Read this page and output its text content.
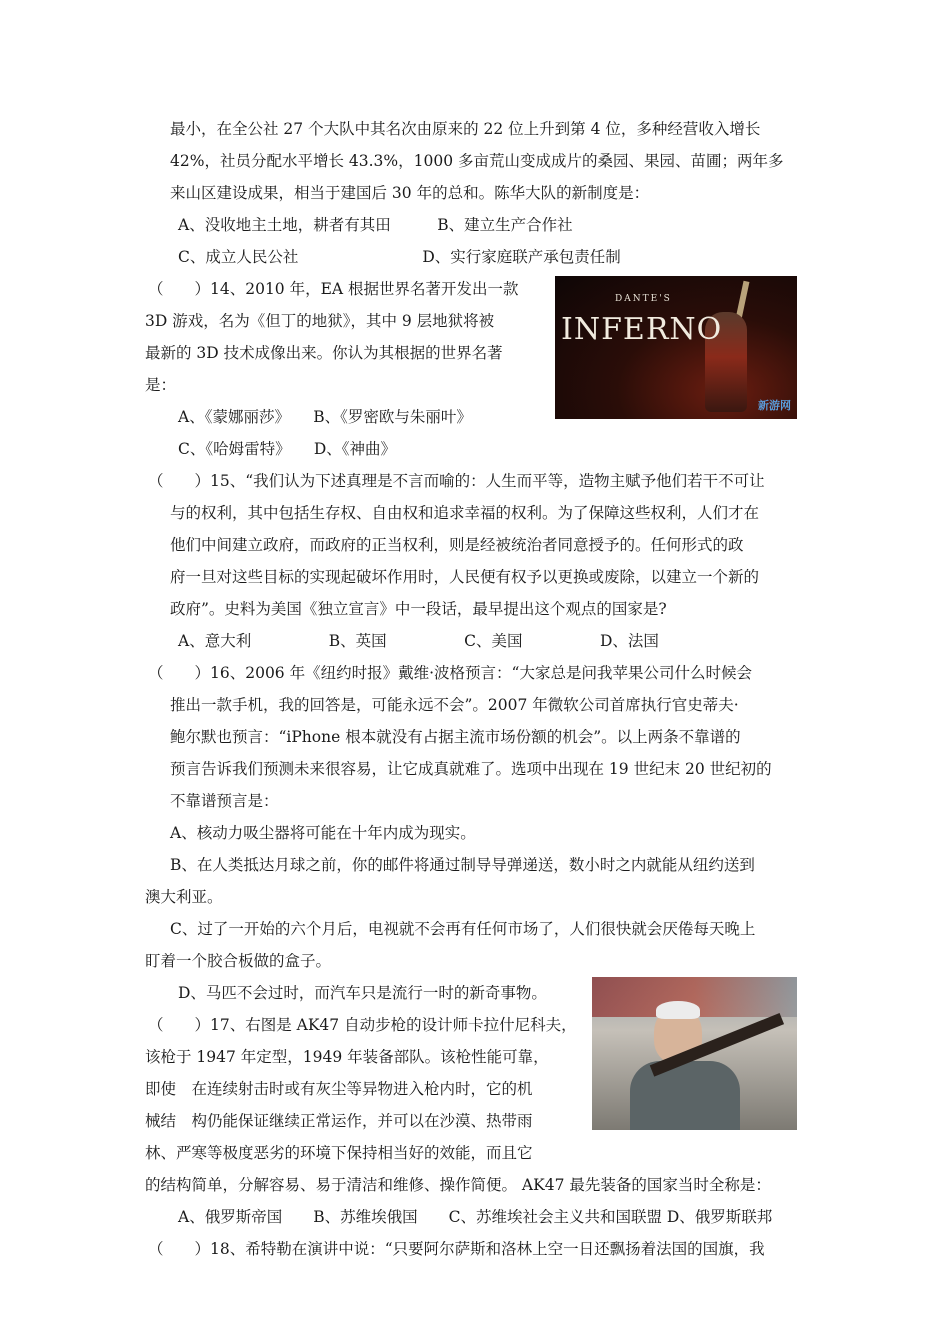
最小，在全公社 27 个大队中其名次由原来的 22 位上升到第 4 位，多种经营收入增长
42%，社员分配水平增长 43.3%，1000 多亩荒山变成成片的桑园、果园、苗圃；两年多
来山区建设成果，相当于建国后 30 年的总和。陈华大队的新制度是：
A、没收地主土地，耕者有其田　　　B、建立生产合作社
C、成立人民公社　　　　　　　　D、实行家庭联产承包责任制
（　　）14、2010 年，EA 根据世界名著开发出一款
3D 游戏，名为《但丁的地狱》，其中 9 层地狱将被
最新的 3D 技术成像出来。你认为其根据的世界名著
是：
A、《蒙娜丽莎》　　B、《罗密欧与朱丽叶》
C、《哈姆雷特》　　D、《神曲》
DANTE'S
INFERNO
新游网
（　　）15、“我们认为下述真理是不言而喻的：人生而平等，造物主赋予他们若干不可让
与的权利，其中包括生存权、自由权和追求幸福的权利。为了保障这些权利，人们才在
他们中间建立政府，而政府的正当权利，则是经被统治者同意授予的。任何形式的政
府一旦对这些目标的实现起破坏作用时，人民便有权予以更换或废除，以建立一个新的
政府”。史料为美国《独立宣言》中一段话，最早提出这个观点的国家是?
A、意大利　　　　　B、英国　　　　　C、美国　　　　　D、法国
（　　）16、2006 年《纽约时报》戴维·波格预言：“大家总是问我苹果公司什么时候会
推出一款手机，我的回答是，可能永远不会”。2007 年微软公司首席执行官史蒂夫·
鲍尔默也预言：“iPhone 根本就没有占据主流市场份额的机会”。以上两条不靠谱的
预言告诉我们预测未来很容易，让它成真就难了。选项中出现在 19 世纪末 20 世纪初的
不靠谱预言是：
A、核动力吸尘器将可能在十年内成为现实。
B、在人类抵达月球之前，你的邮件将通过制导导弹递送，数小时之内就能从纽约送到
澳大利亚。
C、过了一开始的六个月后，电视就不会再有任何市场了，人们很快就会厌倦每天晚上
盯着一个胶合板做的盒子。
D、马匹不会过时，而汽车只是流行一时的新奇事物。
（　　）17、右图是 AK47 自动步枪的设计师卡拉什尼科夫，
该枪于 1947 年定型，1949 年装备部队。该枪性能可靠，
即使　在连续射击时或有灰尘等异物进入枪内时，它的机
械结　构仍能保证继续正常运作，并可以在沙漠、热带雨
林、严寒等极度恶劣的环境下保持相当好的效能，而且它
的结构简单，分解容易、易于清洁和维修、操作简便。 AK47 最先装备的国家当时全称是：
A、俄罗斯帝国　　B、苏维埃俄国　　C、苏维埃社会主义共和国联盟 D、俄罗斯联邦
（　　）18、希特勒在演讲中说：“只要阿尔萨斯和洛林上空一日还飘扬着法国的国旗，我
